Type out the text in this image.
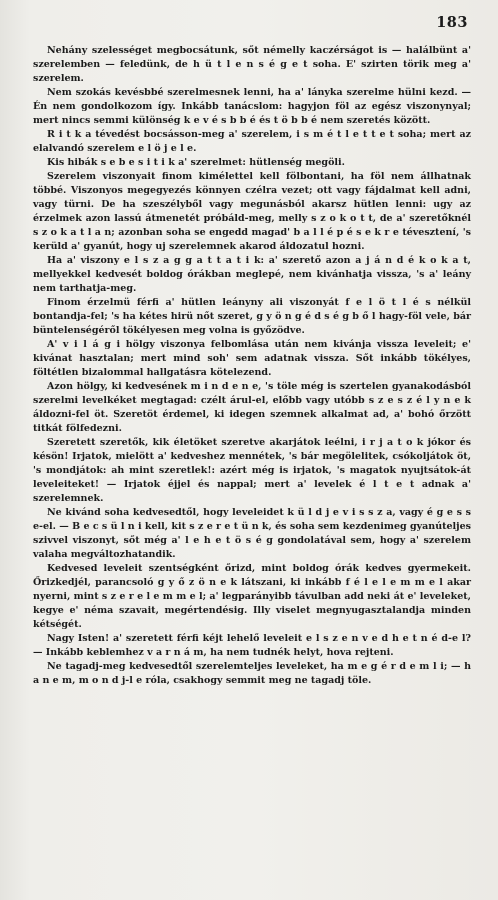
183

Nehány szelességet megbocsátunk, sőt némelly kaczérságot is — halálbünt a' szerelemben — feledünk, de h ü t l e n s é g e t soha. E' szirten törik meg a' szerelem.

Nem szokás kevésbbé szerelmesnek lenni, ha a' lányka szerelme hülni kezd. — Én nem gondolkozom így. Inkább tanácslom: hagyjon föl az egész viszonynyal; mert nincs semmi különség k e v é s b b é és t ö b b é nem szeretés között.

R i t k a tévedést bocsásson-meg a' szerelem, i s m é t l e t t e t soha; mert az elalvandó szerelem e l ö j e l e.

Kis hibák s e b e s i t i k a' szerelmet: hütlenség megöli.

Szerelem viszonyait finom kimélettel kell fölbontani, ha föl nem állhatnak többé. Viszonyos megegyezés könnyen czélra vezet; ott vagy fájdalmat kell adni, vagy türni. De ha szeszélyből vagy megunásból akarsz hütlen lenni: ugy az érzelmek azon lassú átmenetét próbáld-meg, melly s z o k o t t, de a' szeretőknél s z o k a t l a n; azonban soha se engedd magad' b a l l é p é s e k r e tévesztení, 's kerüld a' gyanút, hogy uj szerelemnek akarod áldozatul hozni.

Ha a' viszony e l s z a g g a t t a t i k: a' szerető azon a j á n d é k o k a t, mellyekkel kedvesét boldog órákban meglepé, nem kivánhatja vissza, 's a' leány nem tarthatja-meg.

Finom érzelmü férfi a' hütlen leányny ali viszonyát f e l ö t l é s nélkül bontandja-fel; 's ha kétes hirü nőt szeret, g y ö n g é d s é g b ő l hagy-föl vele, bár büntelenségéről tökélyesen meg volna is győzödve.

A' v i l á g i hölgy viszonya felbomlása után nem kivánja vissza leveleit; e' kivánat hasztalan; mert mind soh' sem adatnak vissza. Sőt inkább tökélyes, föltétlen bizalommal hallgatásra kötelezend.

Azon hölgy, ki kedvesének m i n d e n e, 's töle még is szertelen gyanakodásból szerelmi levelkéket megtagad: czélt árul-el, előbb vagy utóbb s z e s z é l y n e k áldozni-fel öt. Szeretöt érdemel, ki idegen szemnek alkalmat ad, a' bohó őrzött titkát fölfedezni.

Szeretett szeretők, kik életöket szeretve akarjátok leélni, i r j a t o k jókor és késön! Irjatok, mielött a' kedveshez mennétek, 's bár megölelitek, csókoljátok öt, 's mondjátok: ah mint szeretlek!: azért még is irjatok, 's magatok nyujtsátok-át leveleiteket! — Irjatok éjjel és nappal; mert a' levelek é l t e t adnak a' szerelemnek.

Ne kivánd soha kedvesedtől, hogy leveleidet k ü l d j e v i s s z a, vagy é g e s s e-el. — B e c s ü l n i kell, kit s z e r e t ü n k, és soha sem kezdenimeg gyanúteljes szivvel viszonyt, sőt még a' l e h e t ö s é g gondolatával sem, hogy a' szerelem valaha megváltozhatandik.

Kedvesed leveleit szentségként őrizd, mint boldog órák kedves gyermekeit. Őrizkedjél, parancsoló g y ő z ö n e k látszani, ki inkább f é l e l e m m e l akar nyerni, mint s z e r e l e m m e l; a' legparányibb távulban add neki át e' leveleket, kegye e' néma szavait, megértendésig. Illy viselet megnyugasztalandja minden kétségét.

Nagy Isten! a' szeretett férfi kéjt lehelő leveleit e l s z e n v e d h e t n é d-e l? — Inkább keblemhez v a r n á m, ha nem tudnék helyt, hova rejteni.

Ne tagadj-meg kedvesedtől szerelemteljes leveleket, ha m e g é r d e m l i; — h a n e m, m o n d j-l e róla, csakhogy semmit meg ne tagadj töle.
